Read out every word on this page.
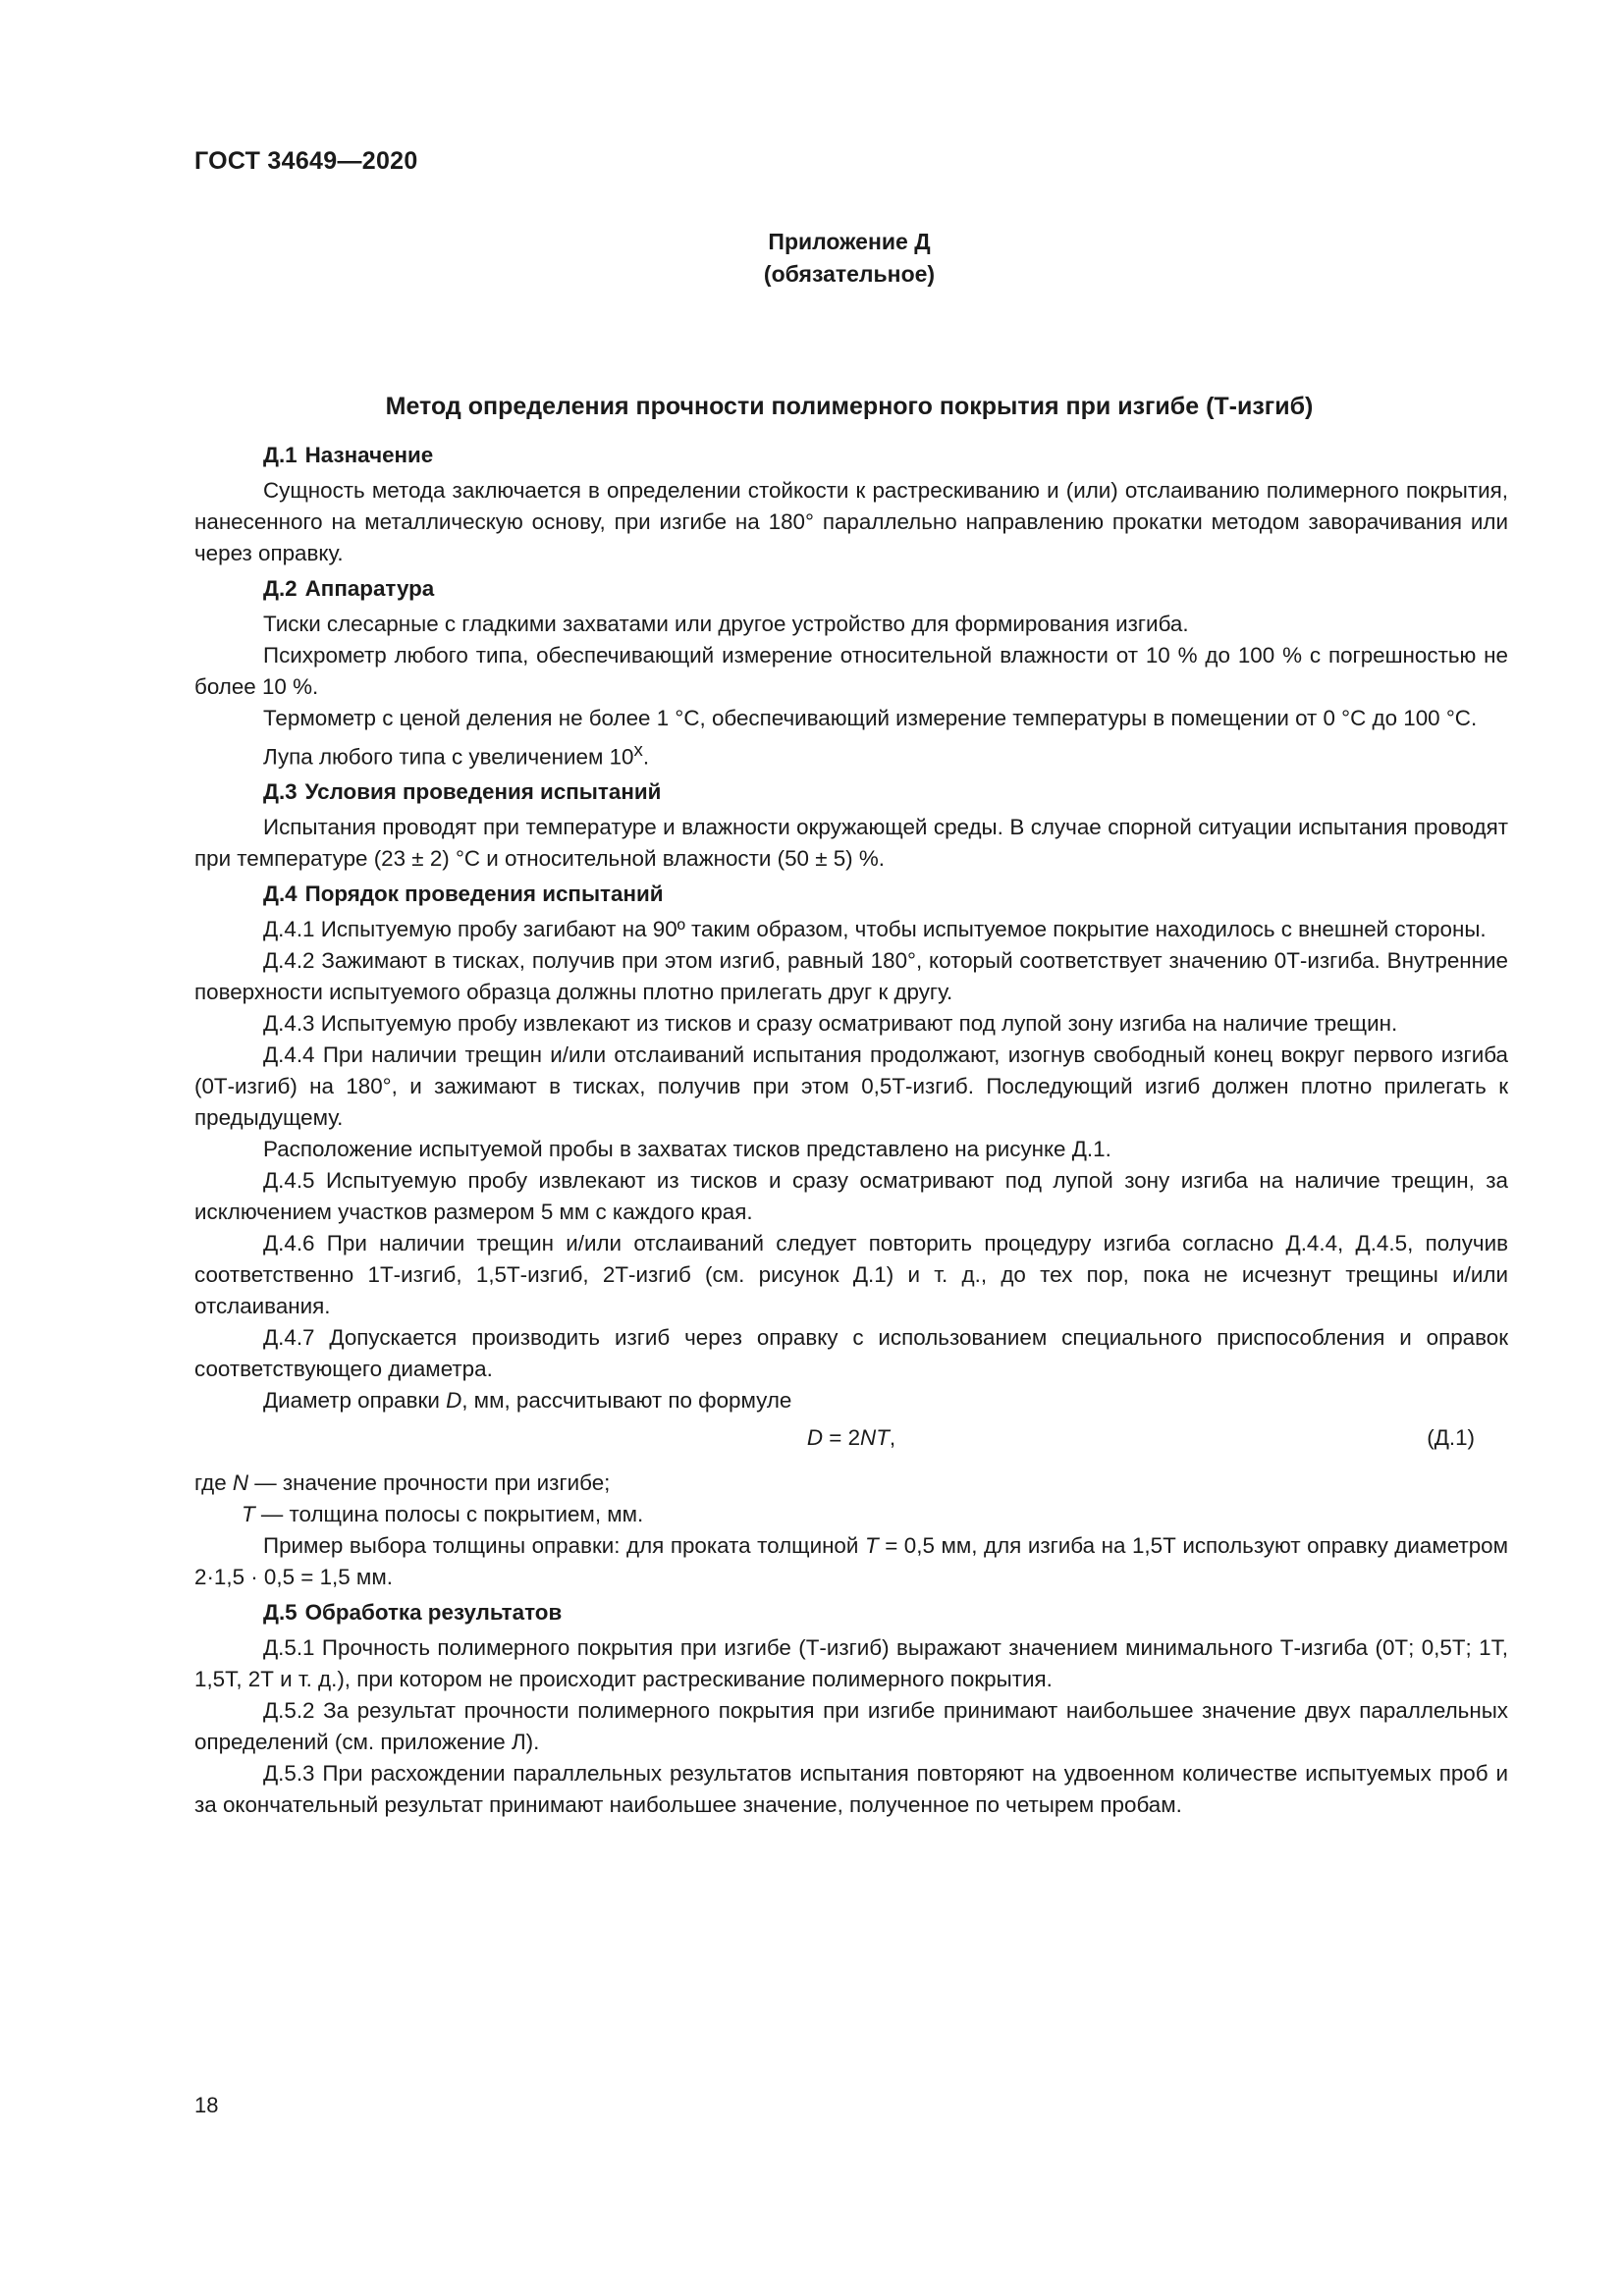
ГОСТ 34649—2020
Приложение Д
(обязательное)
Метод определения прочности полимерного покрытия при изгибе (Т-изгиб)
Д.1 Назначение

Сущность метода заключается в определении стойкости к растрескиванию и (или) отслаиванию полимерного покрытия, нанесенного на металлическую основу, при изгибе на 180° параллельно направлению прокатки методом заворачивания или через оправку.

Д.2 Аппаратура

Тиски слесарные с гладкими захватами или другое устройство для формирования изгиба.

Психрометр любого типа, обеспечивающий измерение относительной влажности от 10 % до 100 % с погрешностью не более 10 %.

Термометр с ценой деления не более 1 °С, обеспечивающий измерение температуры в помещении от 0 °С до 100 °С.

Лупа любого типа с увеличением $10^х$.

Д.3 Условия проведения испытаний

Испытания проводят при температуре и влажности окружающей среды. В случае спорной ситуации испытания проводят при температуре (23 ± 2) °С и относительной влажности (50 ± 5) %.

Д.4 Порядок проведения испытаний

Д.4.1 Испытуемую пробу загибают на 90º таким образом, чтобы испытуемое покрытие находилось с внешней стороны.

Д.4.2 Зажимают в тисках, получив при этом изгиб, равный 180°, который соответствует значению 0Т-изгиба. Внутренние поверхности испытуемого образца должны плотно прилегать друг к другу.

Д.4.3 Испытуемую пробу извлекают из тисков и сразу осматривают под лупой зону изгиба на наличие трещин.

Д.4.4 При наличии трещин и/или отслаиваний испытания продолжают, изогнув свободный конец вокруг первого изгиба (0Т-изгиб) на 180°, и зажимают в тисках, получив при этом 0,5Т-изгиб. Последующий изгиб должен плотно прилегать к предыдущему.

Расположение испытуемой пробы в захватах тисков представлено на рисунке Д.1.

Д.4.5 Испытуемую пробу извлекают из тисков и сразу осматривают под лупой зону изгиба на наличие трещин, за исключением участков размером 5 мм с каждого края.

Д.4.6 При наличии трещин и/или отслаиваний следует повторить процедуру изгиба согласно Д.4.4, Д.4.5, получив соответственно 1Т-изгиб, 1,5Т-изгиб, 2Т-изгиб (см. рисунок Д.1) и т. д., до тех пор, пока не исчезнут трещины и/или отслаивания.

Д.4.7 Допускается производить изгиб через оправку с использованием специального приспособления и оправок соответствующего диаметра.

Диаметр оправки D, мм, рассчитывают по формуле

D = 2NT,	(Д.1)

где N — значение прочности при изгибе;

T — толщина полосы с покрытием, мм.

Пример выбора толщины оправки: для проката толщиной T = 0,5 мм, для изгиба на 1,5Т используют оправку диаметром 2·1,5 · 0,5 = 1,5 мм.

Д.5 Обработка результатов

Д.5.1 Прочность полимерного покрытия при изгибе (Т-изгиб) выражают значением минимального Т-изгиба (0Т; 0,5Т; 1Т, 1,5Т, 2Т и т. д.), при котором не происходит растрескивание полимерного покрытия.

Д.5.2 За результат прочности полимерного покрытия при изгибе принимают наибольшее значение двух параллельных определений (см. приложение Л).

Д.5.3 При расхождении параллельных результатов испытания повторяют на удвоенном количестве испытуемых проб и за окончательный результат принимают наибольшее значение, полученное по четырем пробам.

18
